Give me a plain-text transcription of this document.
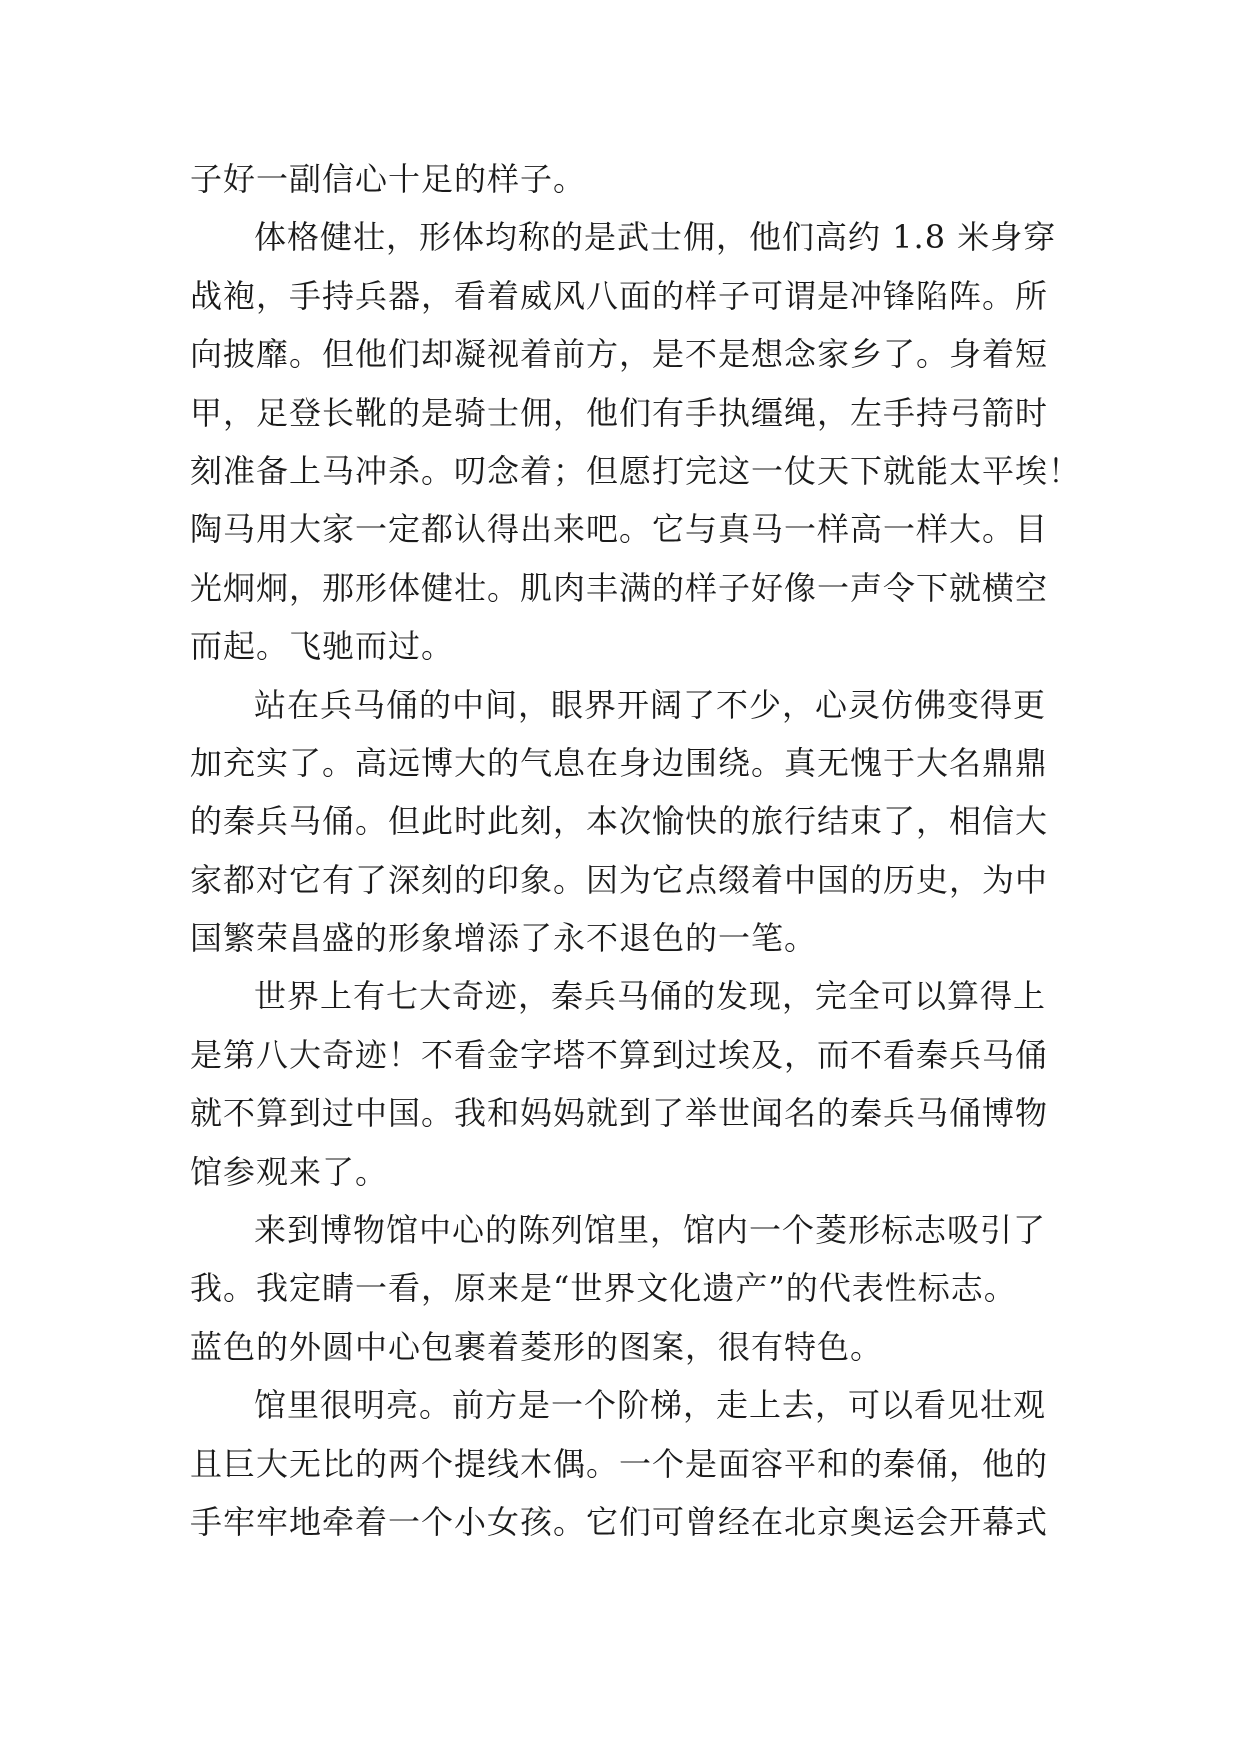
子好一副信心十足的样子。
体格健壮，形体均称的是武士佣，他们高约 1.8 米身穿
战袍，手持兵器，看着威风八面的样子可谓是冲锋陷阵。所
向披靡。但他们却凝视着前方，是不是想念家乡了。身着短
甲，足登长靴的是骑士佣，他们有手执缰绳，左手持弓箭时
刻准备上马冲杀。叨念着；但愿打完这一仗天下就能太平埃！
陶马用大家一定都认得出来吧。它与真马一样高一样大。目
光炯炯，那形体健壮。肌肉丰满的样子好像一声令下就横空
而起。飞驰而过。
站在兵马俑的中间，眼界开阔了不少，心灵仿佛变得更
加充实了。高远博大的气息在身边围绕。真无愧于大名鼎鼎
的秦兵马俑。但此时此刻，本次愉快的旅行结束了，相信大
家都对它有了深刻的印象。因为它点缀着中国的历史，为中
国繁荣昌盛的形象增添了永不退色的一笔。
世界上有七大奇迹，秦兵马俑的发现，完全可以算得上
是第八大奇迹！不看金字塔不算到过埃及，而不看秦兵马俑
就不算到过中国。我和妈妈就到了举世闻名的秦兵马俑博物
馆参观来了。
来到博物馆中心的陈列馆里，馆内一个菱形标志吸引了
我。我定睛一看，原来是“世界文化遗产”的代表性标志。
蓝色的外圆中心包裹着菱形的图案，很有特色。
馆里很明亮。前方是一个阶梯，走上去，可以看见壮观
且巨大无比的两个提线木偶。一个是面容平和的秦俑，他的
手牢牢地牵着一个小女孩。它们可曾经在北京奥运会开幕式
